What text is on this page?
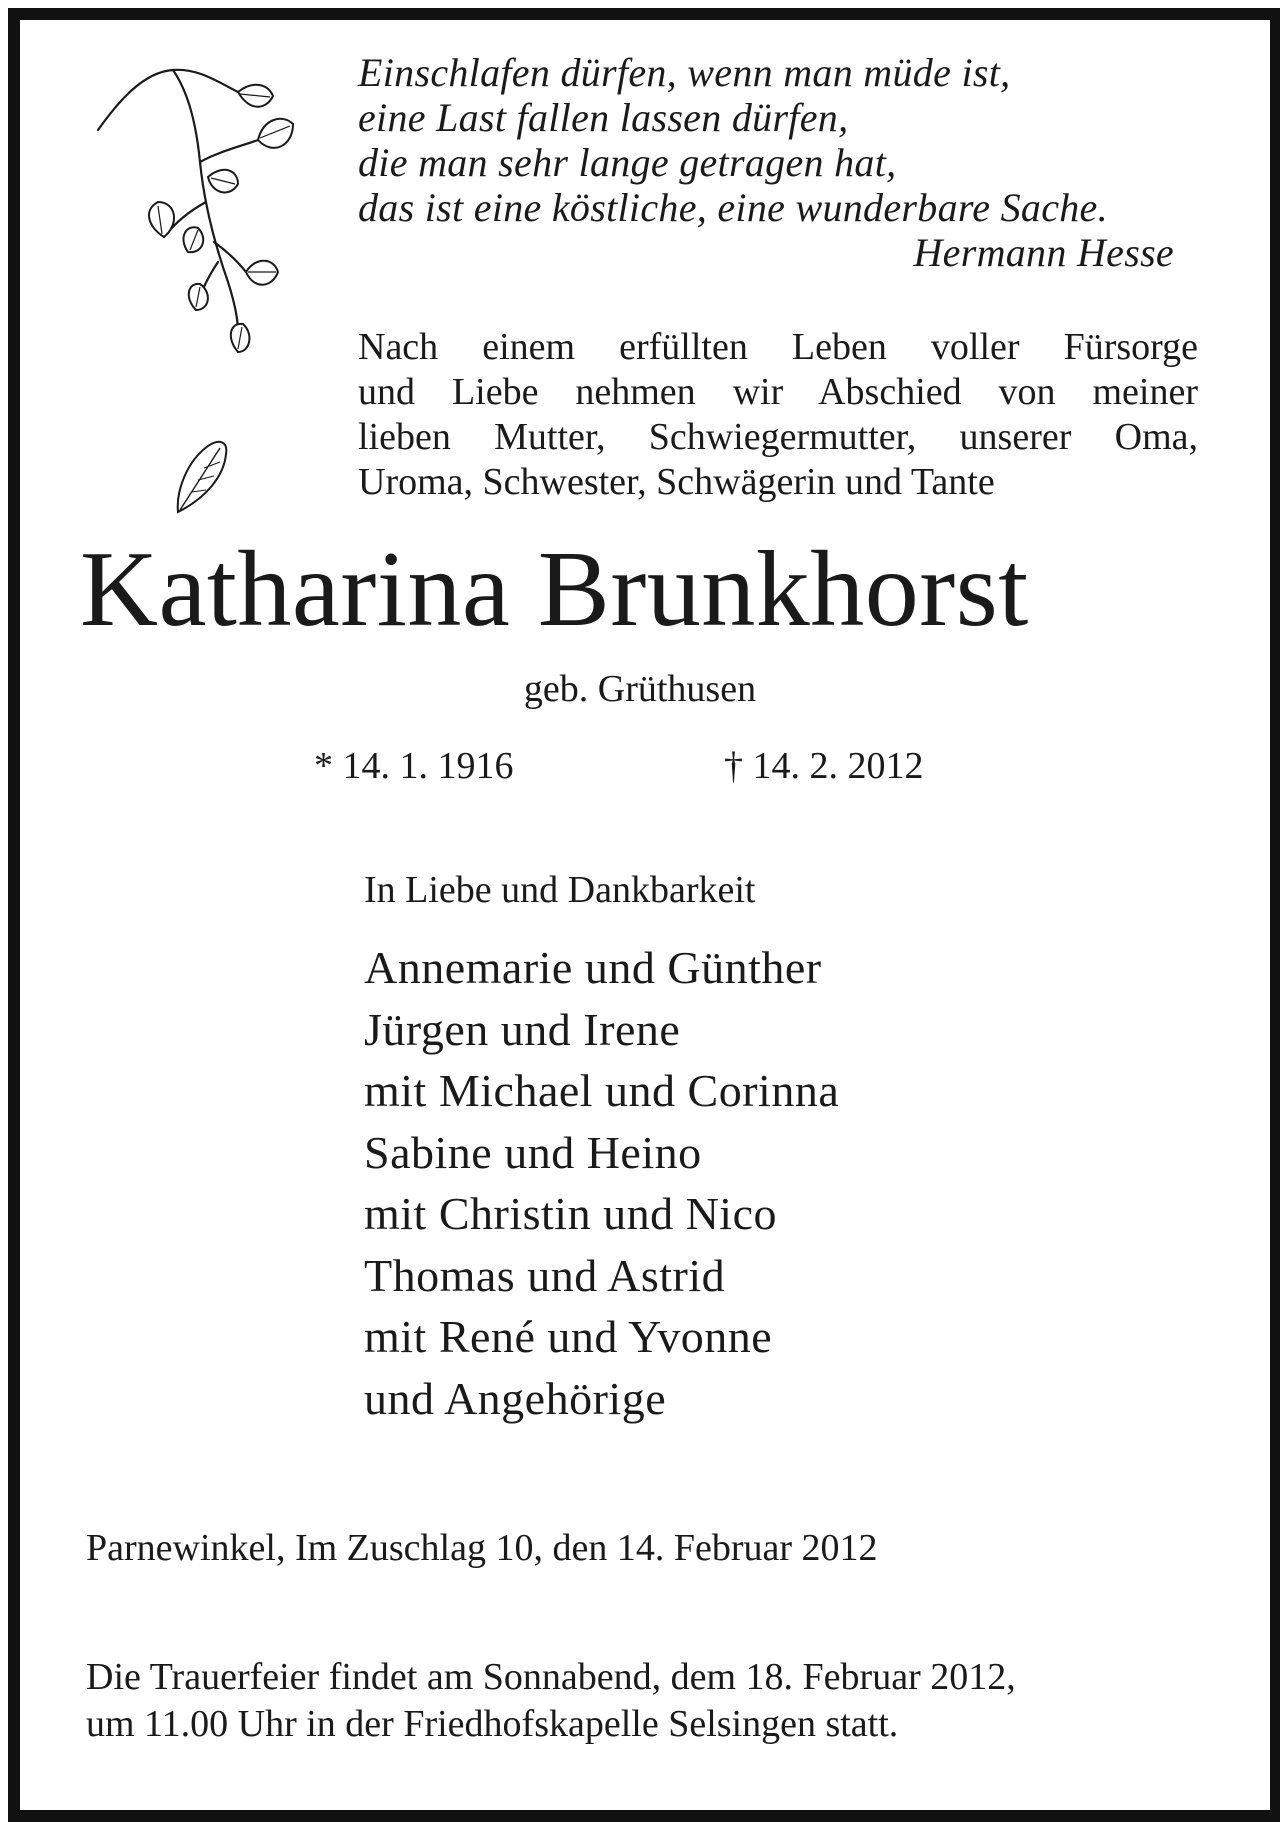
Einschlafen dürfen, wenn man müde ist,
eine Last fallen lassen dürfen,
die man sehr lange getragen hat,
das ist eine köstliche, eine wunderbare Sache.
Hermann Hesse
Nach einem erfüllten Leben voller Fürsorge
und Liebe nehmen wir Abschied von meiner
lieben Mutter, Schwiegermutter, unserer Oma,
Uroma, Schwester, Schwägerin und Tante
Katharina Brunkhorst
geb. Grüthusen
* 14. 1. 1916	† 14. 2. 2012
In Liebe und Dankbarkeit
Annemarie und Günther
Jürgen und Irene
mit Michael und Corinna
Sabine und Heino
mit Christin und Nico
Thomas und Astrid
mit René und Yvonne
und Angehörige
Parnewinkel, Im Zuschlag 10, den 14. Februar 2012
Die Trauerfeier findet am Sonnabend, dem 18. Februar 2012,
um 11.00 Uhr in der Friedhofskapelle Selsingen statt.
